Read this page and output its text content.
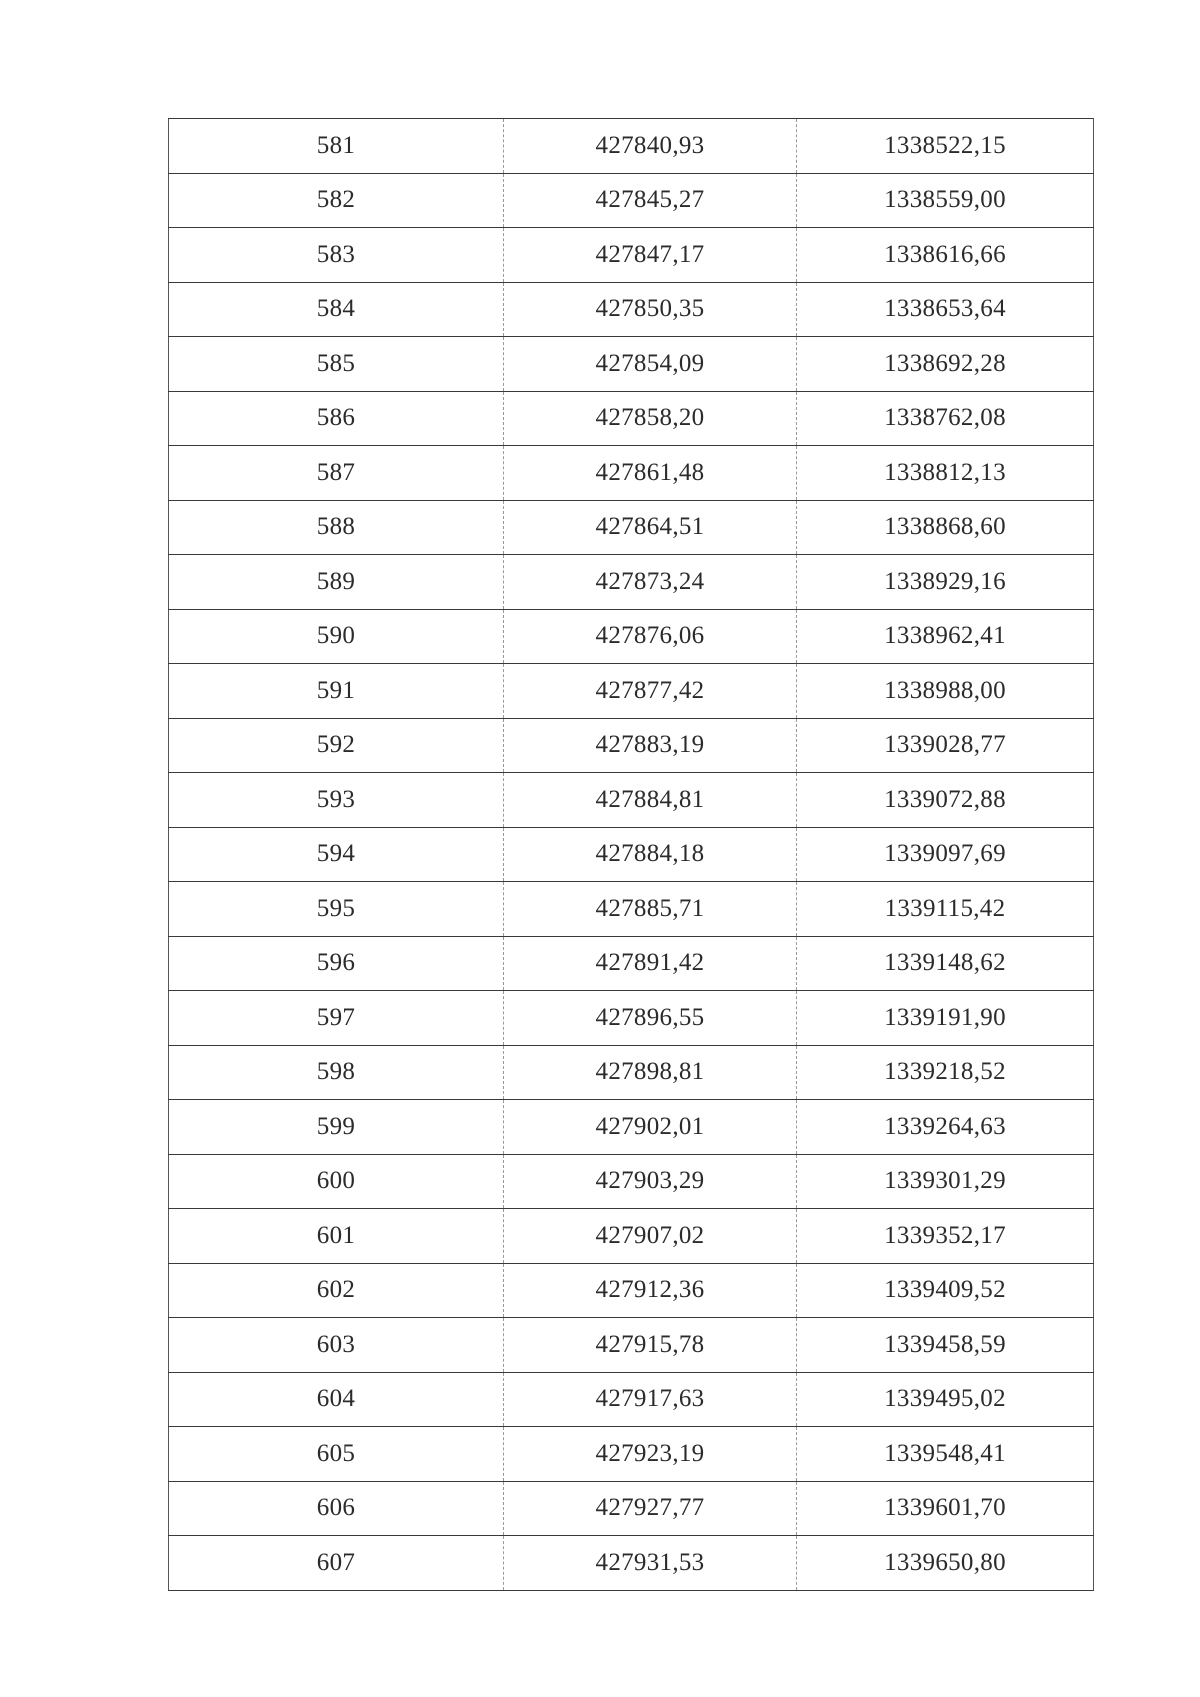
581	427840,93	1338522,15
582	427845,27	1338559,00
583	427847,17	1338616,66
584	427850,35	1338653,64
585	427854,09	1338692,28
586	427858,20	1338762,08
587	427861,48	1338812,13
588	427864,51	1338868,60
589	427873,24	1338929,16
590	427876,06	1338962,41
591	427877,42	1338988,00
592	427883,19	1339028,77
593	427884,81	1339072,88
594	427884,18	1339097,69
595	427885,71	1339115,42
596	427891,42	1339148,62
597	427896,55	1339191,90
598	427898,81	1339218,52
599	427902,01	1339264,63
600	427903,29	1339301,29
601	427907,02	1339352,17
602	427912,36	1339409,52
603	427915,78	1339458,59
604	427917,63	1339495,02
605	427923,19	1339548,41
606	427927,77	1339601,70
607	427931,53	1339650,80
